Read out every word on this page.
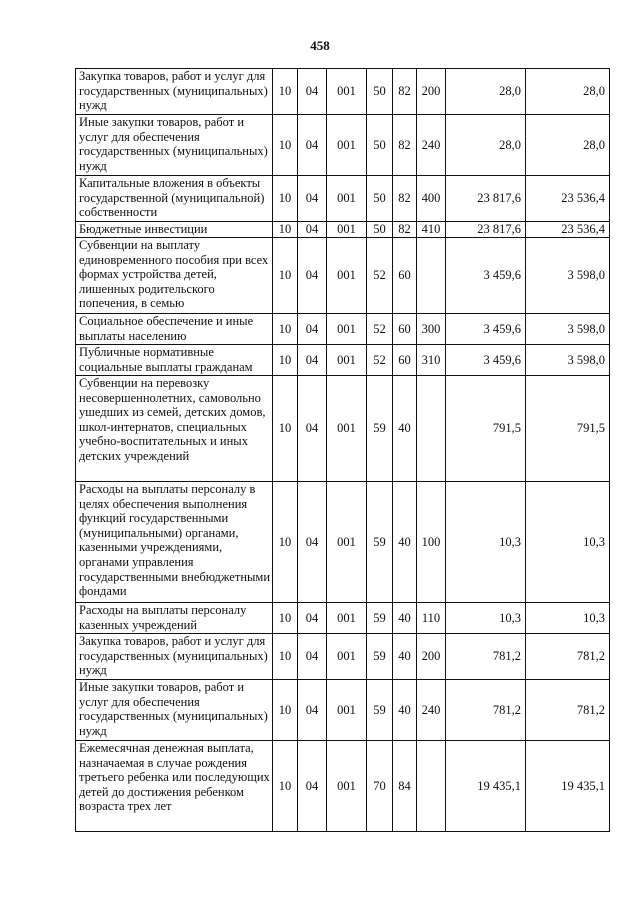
458
Закупка товаров, работ и услуг для государственных (муниципальных) нужд	10	04	001	50	82	200	28,0	28,0
Иные закупки товаров, работ и услуг для обеспечения государственных (муниципальных) нужд	10	04	001	50	82	240	28,0	28,0
Капитальные вложения в объекты государственной (муниципальной) собственности	10	04	001	50	82	400	23 817,6	23 536,4
Бюджетные инвестиции	10	04	001	50	82	410	23 817,6	23 536,4
Субвенции на выплату единовременного пособия при всех формах устройства детей, лишенных родительского попечения, в семью	10	04	001	52	60		3 459,6	3 598,0
Социальное обеспечение и иные выплаты населению	10	04	001	52	60	300	3 459,6	3 598,0
Публичные нормативные социальные выплаты гражданам	10	04	001	52	60	310	3 459,6	3 598,0
Субвенции на перевозку несовершеннолетних, самовольно ушедших из семей, детских домов, школ-интернатов, специальных учебно-воспитательных и иных детских учреждений	10	04	001	59	40		791,5	791,5
Расходы на выплаты персоналу в целях обеспечения выполнения функций государственными (муниципальными) органами, казенными учреждениями, органами управления государственными внебюджетными фондами	10	04	001	59	40	100	10,3	10,3
Расходы на выплаты персоналу казенных учреждений	10	04	001	59	40	110	10,3	10,3
Закупка товаров, работ и услуг для государственных (муниципальных) нужд	10	04	001	59	40	200	781,2	781,2
Иные закупки товаров, работ и услуг для обеспечения государственных (муниципальных) нужд	10	04	001	59	40	240	781,2	781,2
Ежемесячная денежная выплата, назначаемая в случае рождения третьего ребенка или последующих детей до достижения ребенком возраста трех лет	10	04	001	70	84		19 435,1	19 435,1
